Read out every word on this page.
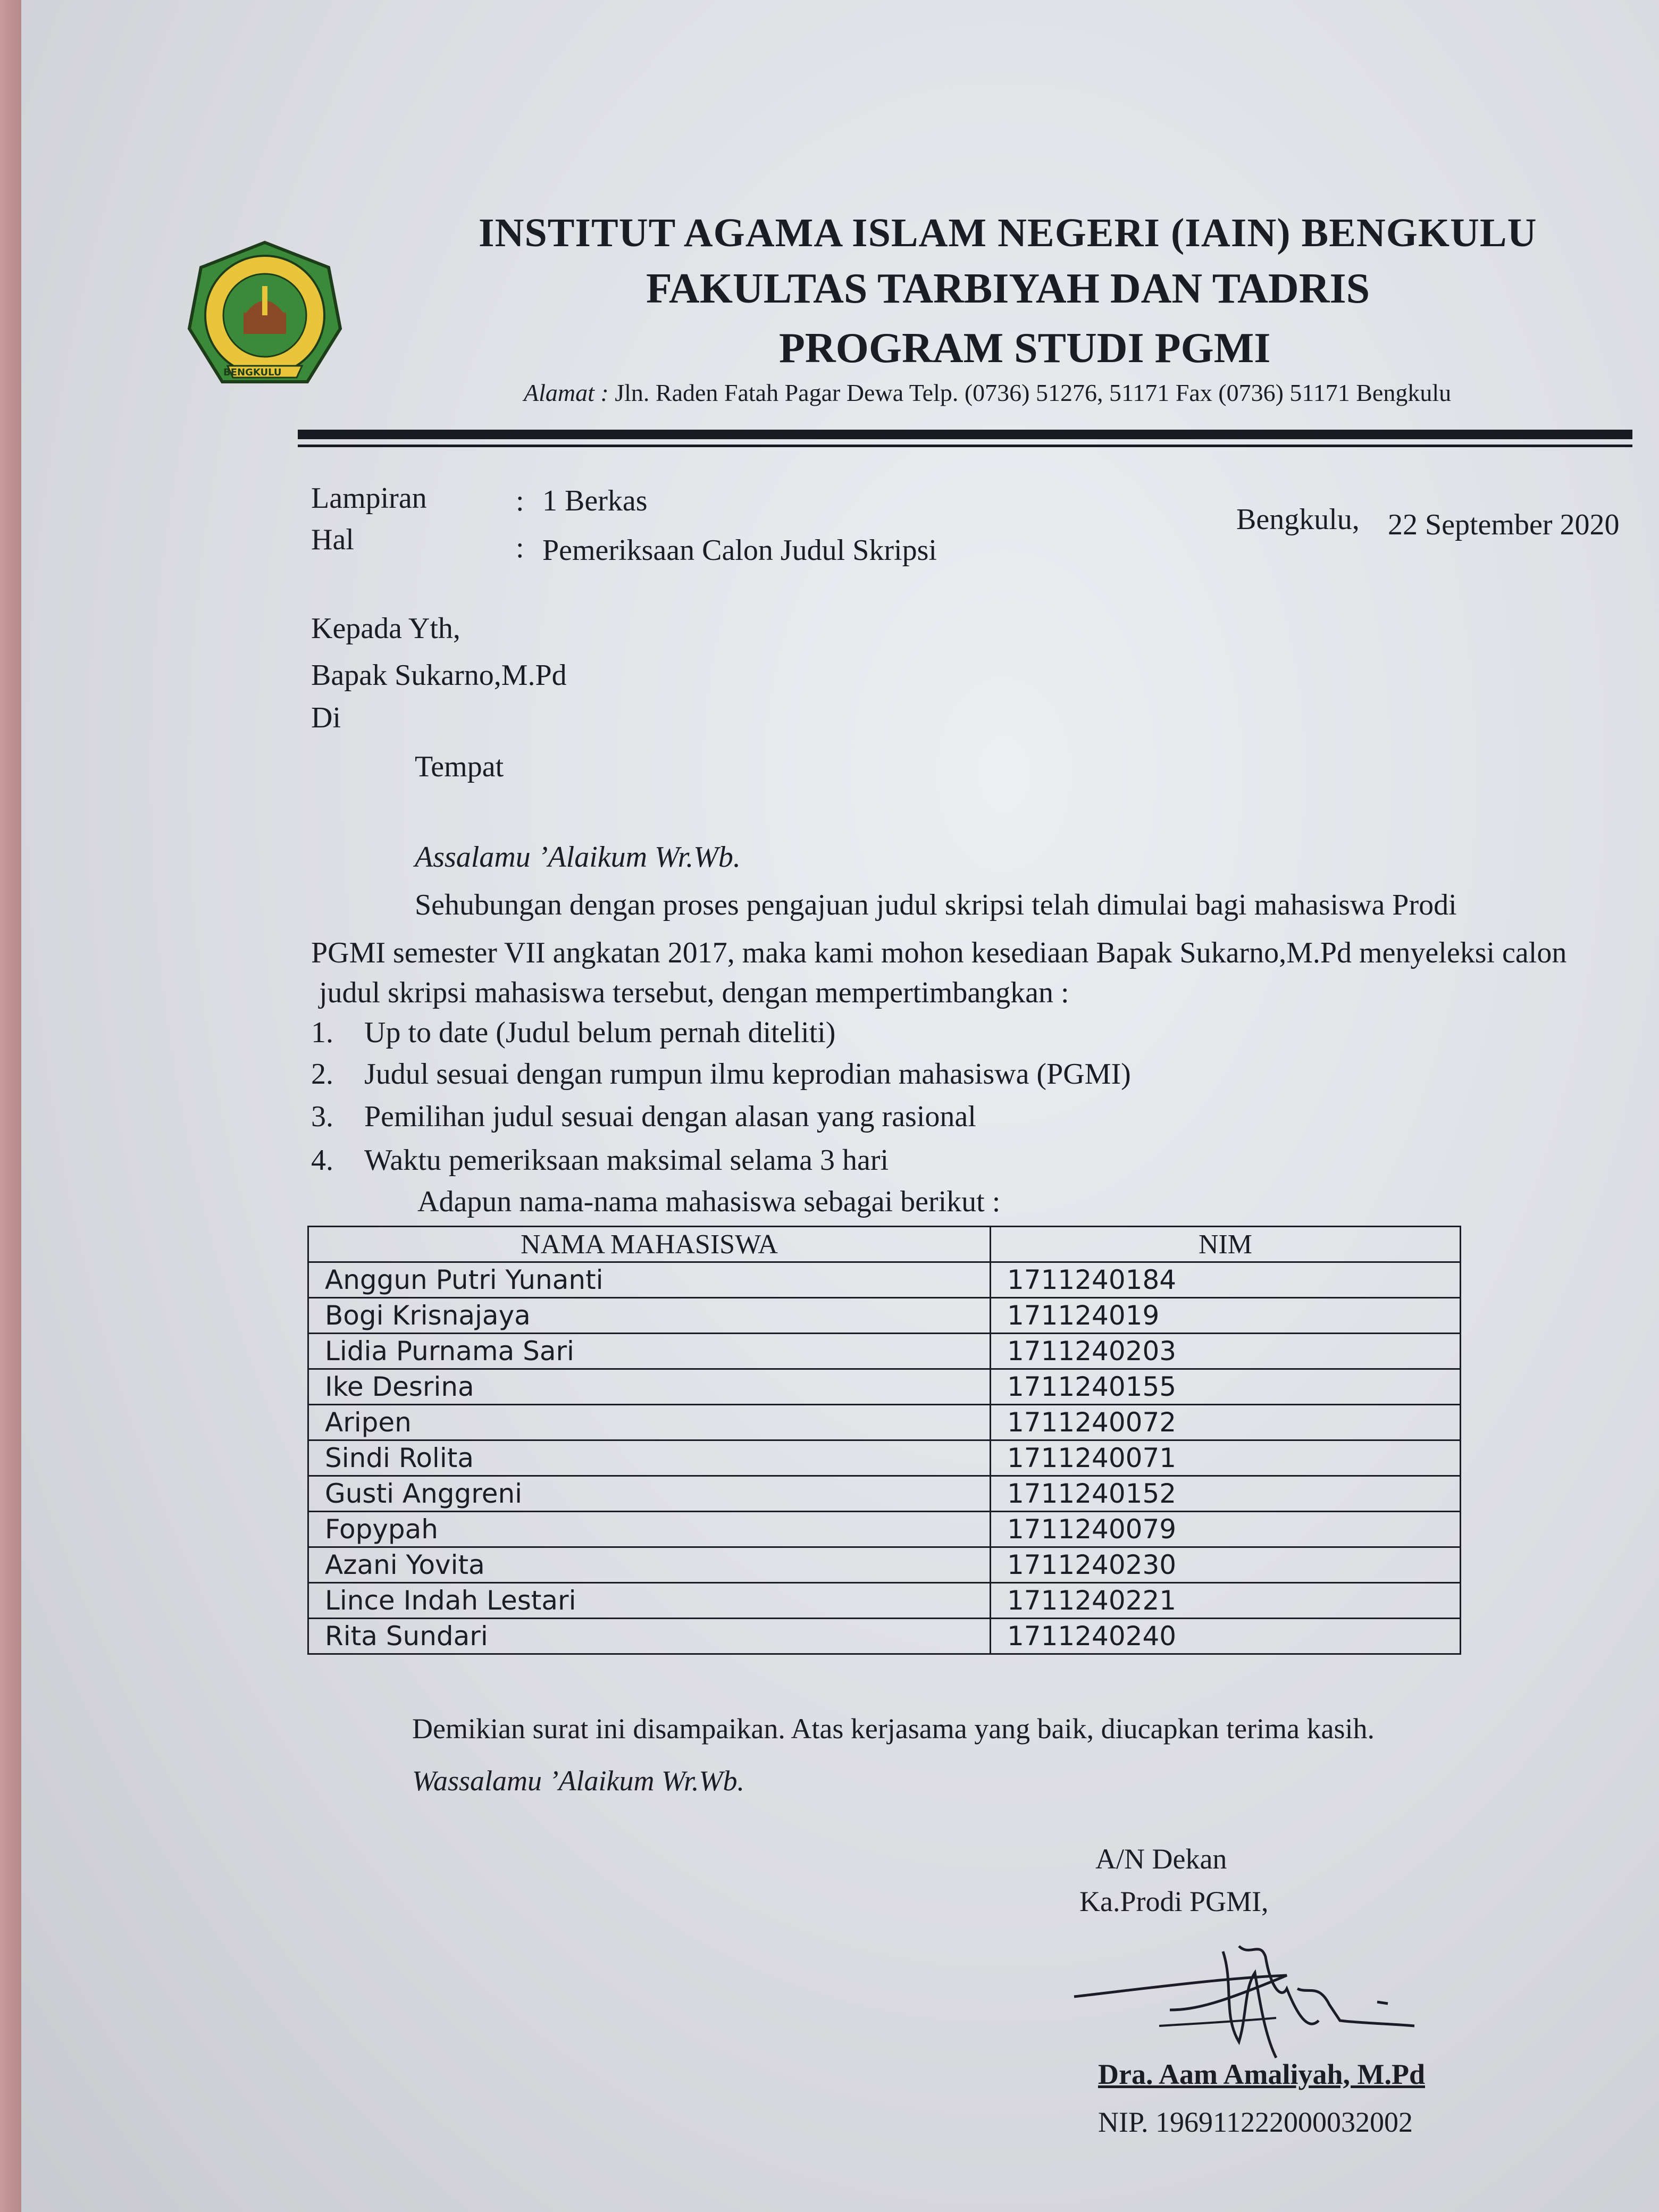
BENGKULU
INSTITUT AGAMA ISLAM NEGERI (IAIN) BENGKULU
FAKULTAS TARBIYAH DAN TADRIS
PROGRAM STUDI PGMI
Alamat : Jln. Raden Fatah Pagar Dewa Telp. (0736) 51276, 51171 Fax (0736) 51171 Bengkulu
Lampiran	: 1 Berkas
Hal	: Pemeriksaan Calon Judul Skripsi
Bengkulu, 22 September 2020
Kepada Yth,
Bapak Sukarno,M.Pd
Di
Tempat
Assalamu ’Alaikum Wr.Wb.
Sehubungan dengan proses pengajuan judul skripsi telah dimulai bagi mahasiswa Prodi
PGMI semester VII angkatan 2017, maka kami mohon kesediaan Bapak Sukarno,M.Pd menyeleksi calon
judul skripsi mahasiswa tersebut, dengan mempertimbangkan :
1. Up to date (Judul belum pernah diteliti)
2. Judul sesuai dengan rumpun ilmu keprodian mahasiswa (PGMI)
3. Pemilihan judul sesuai dengan alasan yang rasional
4. Waktu pemeriksaan maksimal selama 3 hari
Adapun nama-nama mahasiswa sebagai berikut :
NAMA MAHASISWA	NIM
Anggun Putri Yunanti	1711240184
Bogi Krisnajaya	171124019
Lidia Purnama Sari	1711240203
Ike Desrina	1711240155
Aripen	1711240072
Sindi Rolita	1711240071
Gusti Anggreni	1711240152
Fopypah	1711240079
Azani Yovita	1711240230
Lince Indah Lestari	1711240221
Rita Sundari	1711240240
Demikian surat ini disampaikan. Atas kerjasama yang baik, diucapkan terima kasih.
Wassalamu ’Alaikum Wr.Wb.
A/N Dekan
Ka.Prodi PGMI,
Dra. Aam Amaliyah, M.Pd
NIP. 196911222000032002
